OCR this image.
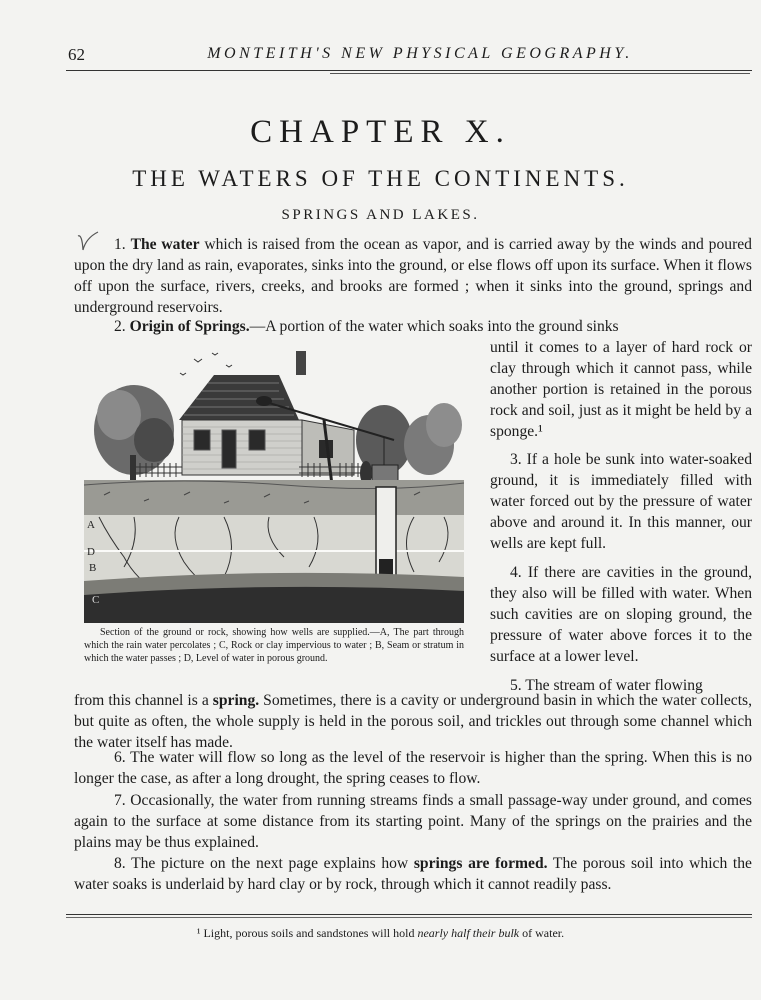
62	MONTEITH'S NEW PHYSICAL GEOGRAPHY.
CHAPTER X.
THE WATERS OF THE CONTINENTS.
SPRINGS AND LAKES.
1. The water which is raised from the ocean as vapor, and is carried away by the winds and poured upon the dry land as rain, evaporates, sinks into the ground, or else flows off upon its surface. When it flows off upon the surface, rivers, creeks, and brooks are formed ; when it sinks into the ground, springs and underground reservoirs.
2. Origin of Springs.—A portion of the water which soaks into the ground sinks
until it comes to a layer of hard rock or clay through which it cannot pass, while another portion is retained in the porous rock and soil, just as it might be held by a sponge.¹
3. If a hole be sunk into water-soaked ground, it is immediately filled with water forced out by the pressure of water above and around it. In this manner, our wells are kept full.
4. If there are cavities in the ground, they also will be filled with water. When such cavities are on sloping ground, the pressure of water above forces it to the surface at a lower level.
5. The stream of water flowing
A
D
B
C
Section of the ground or rock, showing how wells are supplied.—A, The part through which the rain water percolates ; C, Rock or clay impervious to water ; B, Seam or stratum in which the water passes ; D, Level of water in porous ground.
from this channel is a spring. Sometimes, there is a cavity or underground basin in which the water collects, but quite as often, the whole supply is held in the porous soil, and trickles out through some channel which the water itself has made.
6. The water will flow so long as the level of the reservoir is higher than the spring. When this is no longer the case, as after a long drought, the spring ceases to flow.
7. Occasionally, the water from running streams finds a small passage-way under ground, and comes again to the surface at some distance from its starting point. Many of the springs on the prairies and the plains may be thus explained.
8. The picture on the next page explains how springs are formed. The porous soil into which the water soaks is underlaid by hard clay or by rock, through which it cannot readily pass.
¹ Light, porous soils and sandstones will hold nearly half their bulk of water.
